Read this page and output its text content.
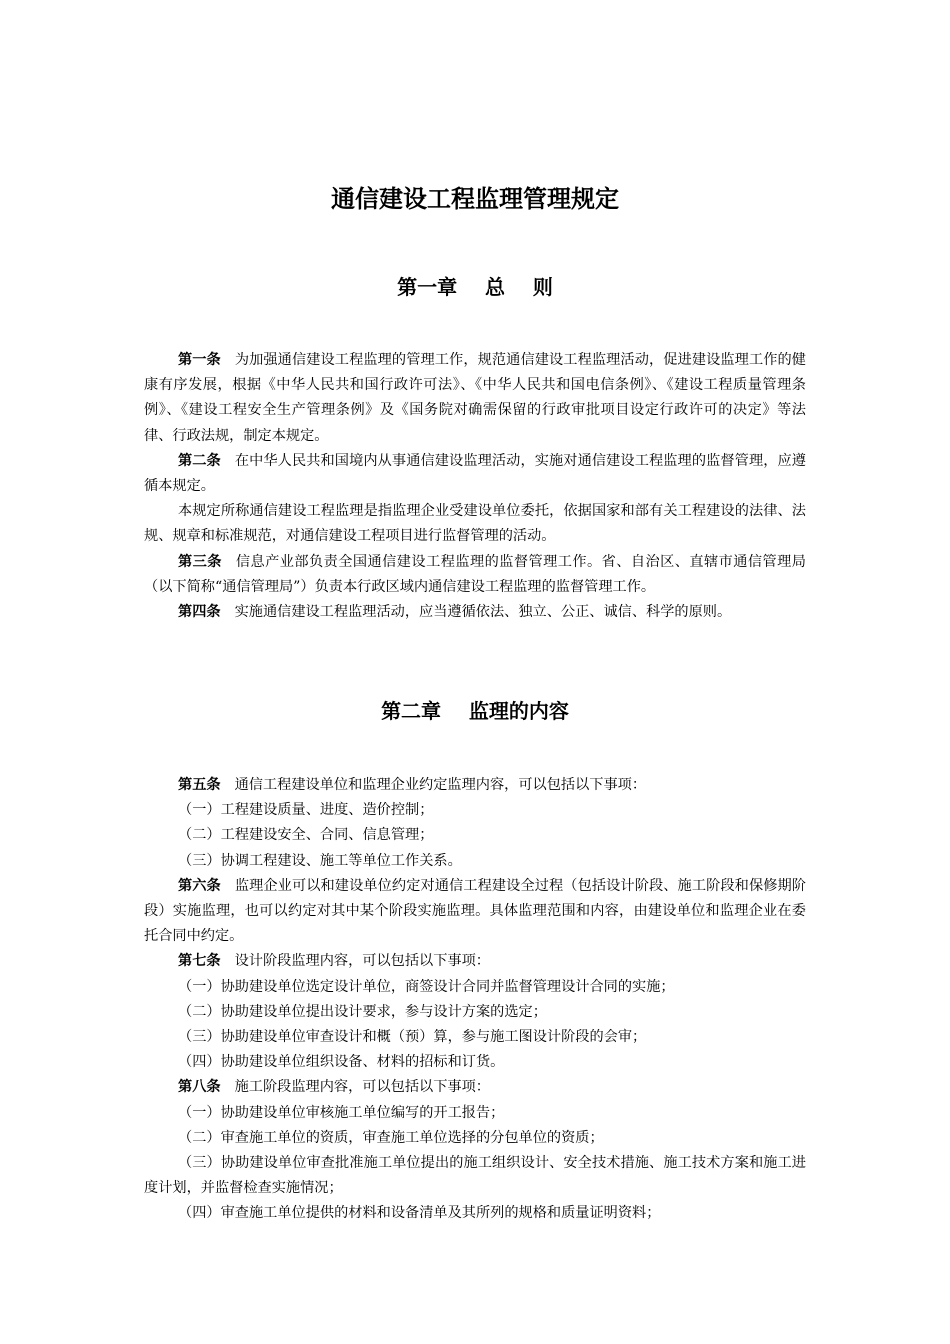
通信建设工程监理管理规定
第一章    总    则

第一条 为加强通信建设工程监理的管理工作，规范通信建设工程监理活动，促进建设监理工作的健康有序发展，根据《中华人民共和国行政许可法》、《中华人民共和国电信条例》、《建设工程质量管理条例》、《建设工程安全生产管理条例》及《国务院对确需保留的行政审批项目设定行政许可的决定》等法律、行政法规，制定本规定。

第二条 在中华人民共和国境内从事通信建设监理活动，实施对通信建设工程监理的监督管理，应遵循本规定。

本规定所称通信建设工程监理是指监理企业受建设单位委托，依据国家和部有关工程建设的法律、法规、规章和标准规范，对通信建设工程项目进行监督管理的活动。

第三条 信息产业部负责全国通信建设工程监理的监督管理工作。省、自治区、直辖市通信管理局（以下简称“通信管理局”）负责本行政区域内通信建设工程监理的监督管理工作。

第四条 实施通信建设工程监理活动，应当遵循依法、独立、公正、诚信、科学的原则。

第二章    监理的内容

第五条 通信工程建设单位和监理企业约定监理内容，可以包括以下事项：

（一）工程建设质量、进度、造价控制；

（二）工程建设安全、合同、信息管理；

（三）协调工程建设、施工等单位工作关系。

第六条 监理企业可以和建设单位约定对通信工程建设全过程（包括设计阶段、施工阶段和保修期阶段）实施监理，也可以约定对其中某个阶段实施监理。具体监理范围和内容，由建设单位和监理企业在委托合同中约定。

第七条 设计阶段监理内容，可以包括以下事项：

（一）协助建设单位选定设计单位，商签设计合同并监督管理设计合同的实施；

（二）协助建设单位提出设计要求，参与设计方案的选定；

（三）协助建设单位审查设计和概（预）算，参与施工图设计阶段的会审；

（四）协助建设单位组织设备、材料的招标和订货。

第八条 施工阶段监理内容，可以包括以下事项：

（一）协助建设单位审核施工单位编写的开工报告；

（二）审查施工单位的资质，审查施工单位选择的分包单位的资质；

（三）协助建设单位审查批准施工单位提出的施工组织设计、安全技术措施、施工技术方案和施工进度计划，并监督检查实施情况；

（四）审查施工单位提供的材料和设备清单及其所列的规格和质量证明资料；
